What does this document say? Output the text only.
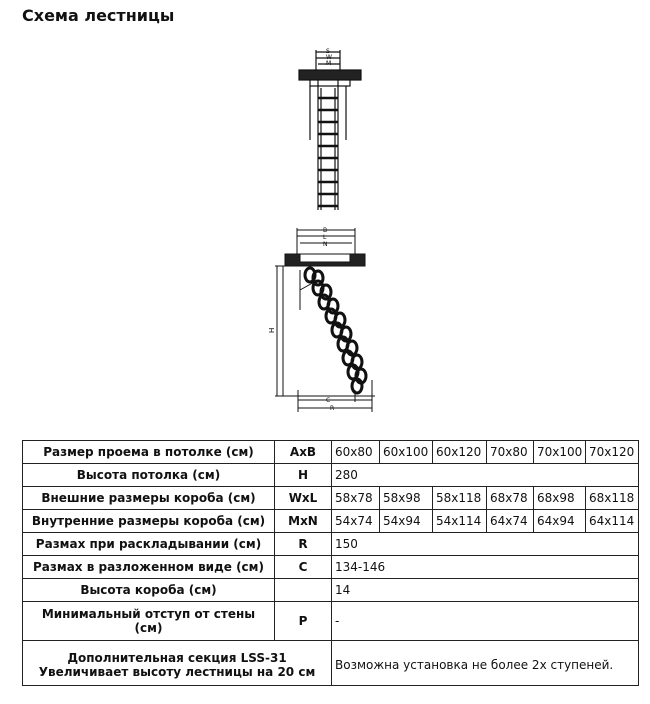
Схема лестницы
S
W
M
B
L
N
H
C
R
Размер проема в потолке (см)	AxB	60x80	60x100	60x120	70x80	70x100	70x120
Высота потолка (см)	H	280					
Внешние размеры короба (см)	WxL	58x78	58x98	58x118	68x78	68x98	68x118
Внутренние размеры короба (см)	MxN	54x74	54x94	54x114	64x74	64x94	64x114
Размах при раскладывании (см)	R	150					
Размах в разложенном виде (см)	C	134-146					
Высота короба (см)		14					
Минимальный отступ от стены (см)	P	-					

Дополнительная секция LSS-31
Увеличивает высоту лестницы на 20 см		Возможна установка не более 2х ступеней.					
